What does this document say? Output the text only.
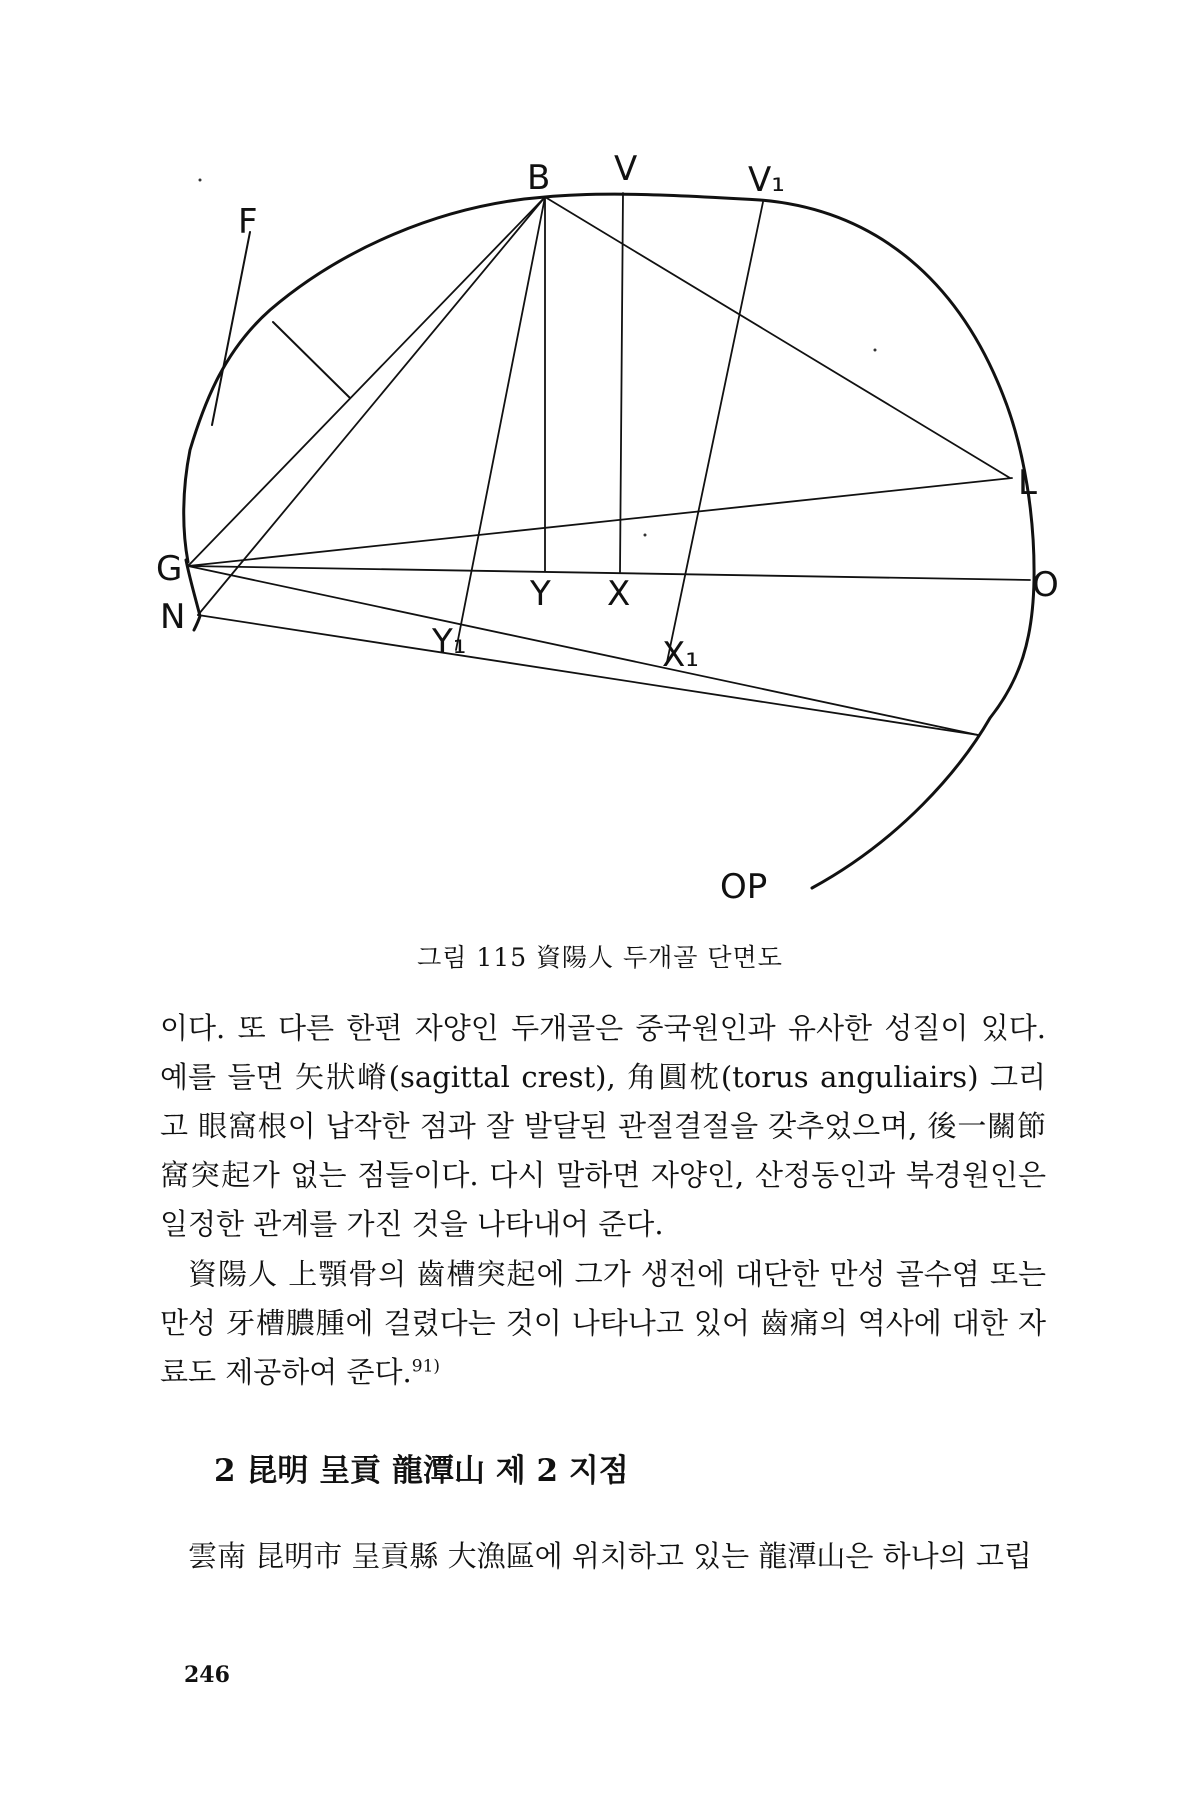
B V	V₁
F
L
G	O
N
Y X
Y₁	X₁
OP
그림 115 資陽人 두개골 단면도

이다. 또 다른 한편 자양인 두개골은 중국원인과 유사한 성질이 있다. 예를 들면 矢狀嵴(sagittal crest), 角圓枕(torus anguliairs) 그리고 眼窩根이 납작한 점과 잘 발달된 관절결절을 갖추었으며, 後一關節窩突起가 없는 점들이다. 다시 말하면 자양인, 산정동인과 북경원인은 일정한 관계를 가진 것을 나타내어 준다.

資陽人 上顎骨의 齒槽突起에 그가 생전에 대단한 만성 골수염 또는 만성 牙槽膿腫에 걸렸다는 것이 나타나고 있어 齒痛의 역사에 대한 자료도 제공하여 준다.$^{91)}$

2 昆明 呈貢 龍潭山 제 2 지점

雲南 昆明市 呈貢縣 大漁區에 위치하고 있는 龍潭山은 하나의 고립

246
